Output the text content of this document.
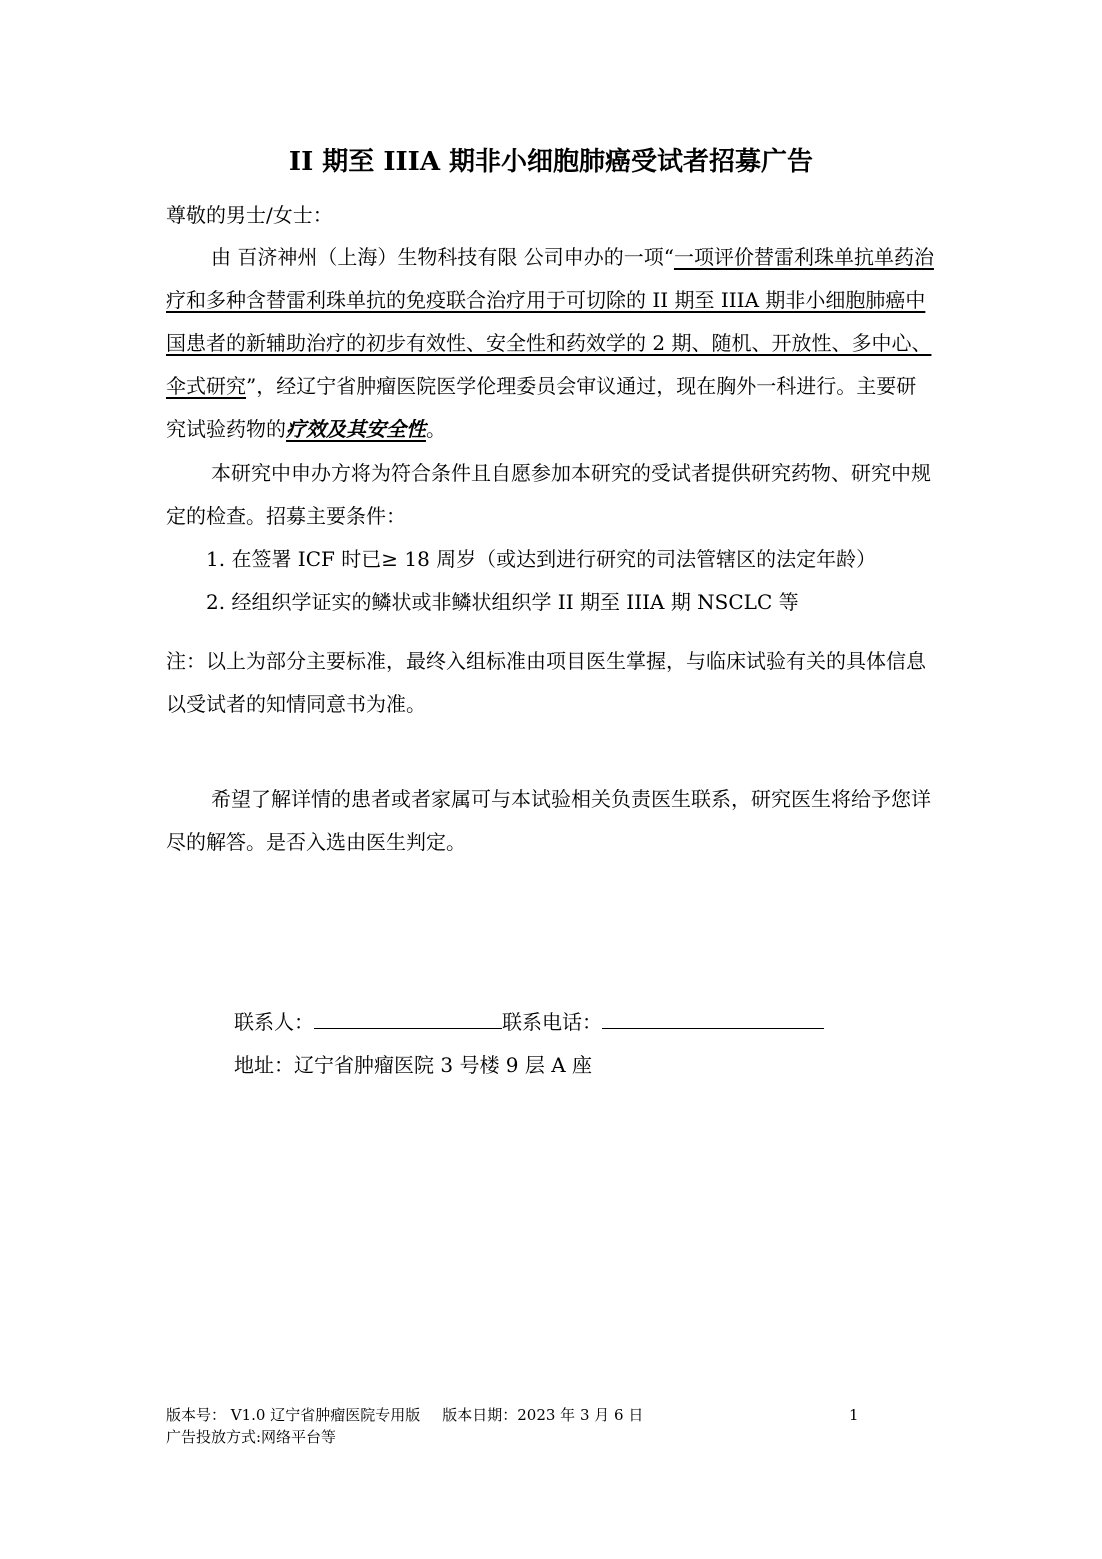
II 期至 IIIA 期非小细胞肺癌受试者招募广告
尊敬的男士/女士：
由 百济神州（上海）生物科技有限 公司申办的一项“一项评价替雷利珠单抗单药治疗和多种含替雷利珠单抗的免疫联合治疗用于可切除的 II 期至 IIIA 期非小细胞肺癌中国患者的新辅助治疗的初步有效性、安全性和药效学的 2 期、随机、开放性、多中心、伞式研究”，经辽宁省肿瘤医院医学伦理委员会审议通过，现在胸外一科进行。主要研究试验药物的疗效及其安全性。
本研究中申办方将为符合条件且自愿参加本研究的受试者提供研究药物、研究中规定的检查。招募主要条件：
1. 在签署 ICF 时已≥ 18 周岁（或达到进行研究的司法管辖区的法定年龄）
2. 经组织学证实的鳞状或非鳞状组织学 II 期至 IIIA 期 NSCLC 等
注：以上为部分主要标准，最终入组标准由项目医生掌握，与临床试验有关的具体信息以受试者的知情同意书为准。
希望了解详情的患者或者家属可与本试验相关负责医生联系，研究医生将给予您详尽的解答。是否入选由医生判定。
联系人：	联系电话：
地址：辽宁省肿瘤医院 3 号楼 9 层 A 座
版本号： V1.0 辽宁省肿瘤医院专用版 版本日期：2023 年 3 月 6 日	1
广告投放方式:网络平台等
